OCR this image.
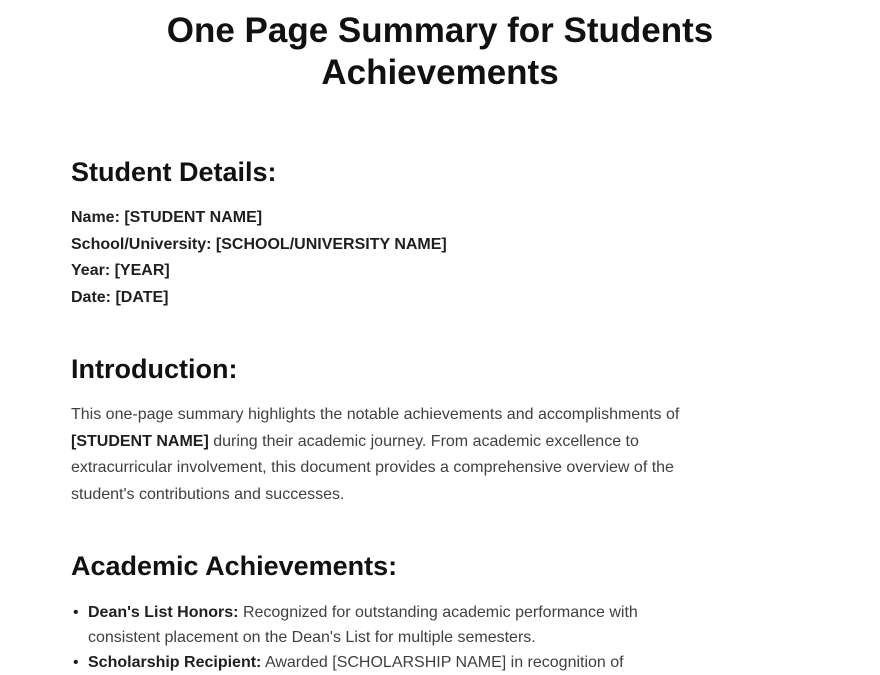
One Page Summary for Students Achievements
Student Details:
Name: [STUDENT NAME]
School/University: [SCHOOL/UNIVERSITY NAME]
Year: [YEAR]
Date: [DATE]
Introduction:

This one-page summary highlights the notable achievements and accomplishments of
[STUDENT NAME] during their academic journey. From academic excellence to
extracurricular involvement, this document provides a comprehensive overview of the
student's contributions and successes.

Academic Achievements:
• Dean's List Honors: Recognized for outstanding academic performance with
consistent placement on the Dean's List for multiple semesters.
• Scholarship Recipient: Awarded [SCHOLARSHIP NAME] in recognition of
